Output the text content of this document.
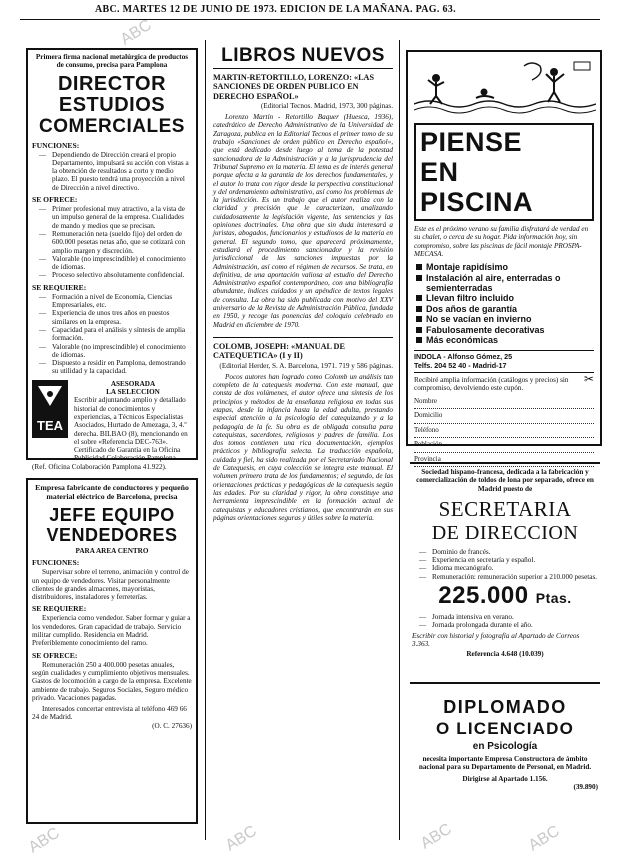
ABC. MARTES 12 DE JUNIO DE 1973. EDICION DE LA MAÑANA. PAG. 63.

Primera firma nacional metalúrgica de productos de consumo, precisa para Pamplona

DIRECTOR
ESTUDIOS
COMERCIALES
FUNCIONES:
— Dependiendo de Dirección creará el propio Departamento, impulsará su acción con vistas a la obtención de resultados a corto y medio plazo. El puesto tendrá una proyección a nivel de Dirección a nivel directivo.
SE OFRECE:
— Primer profesional muy atractivo, a la vista de un impulso general de la empresa. Cualidades de mando y medios que se precisan.
— Remuneración neta (sueldo fijo) del orden de 600.000 pesetas netas año, que se cotizará con amplio margen y discreción.
— Valorable (no imprescindible) el conocimiento de idiomas.
— Proceso selectivo absolutamente confidencial.
SE REQUIERE:
— Formación a nivel de Economía, Ciencias Empresariales, etc.
— Experiencia de unos tres años en puestos similares en la empresa.
— Capacidad para el análisis y síntesis de amplia formación.
— Valorable (no imprescindible) el conocimiento de idiomas.
— Dispuesto a residir en Pamplona, demostrando su utilidad y la capacidad.
TEA
ASESORADA
LA SELECCION

Escribir adjuntando amplio y detallado historial de conocimientos y experiencias, a Técnicos Especialistas Asociados, Hurtado de Amezaga, 3, 4.º derecha. BILBAO (8), mencionando en el sobre «Referencia DEC-763». Certificado de Garantía en la Oficina Publicidad Colaboración Pamplona.

(Ref. Oficina Colaboración Pamplona 41.922).

Empresa fabricante de conductores y pequeño material eléctrico de Barcelona, precisa

JEFE EQUIPO
VENDEDORES
PARA AREA CENTRO
FUNCIONES:

Supervisar sobre el terreno, animación y control de un equipo de vendedores. Visitar personalmente clientes de grandes almacenes, mayoristas, distribuidores, instaladores y ferreterías.

SE REQUIERE:

Experiencia como vendedor. Saber formar y guiar a los vendedores. Gran capacidad de trabajo. Servicio militar cumplido. Residencia en Madrid. Preferiblemente conocimiento del ramo.

SE OFRECE:

Remuneración 250 a 400.000 pesetas anuales, según cualidades y cumplimiento objetivos mensuales. Gastos de locomoción a cargo de la empresa. Excelente ambiente de trabajo. Seguros Sociales, Seguro médico privado. Vacaciones pagadas.

Interesados concertar entrevista al teléfono 469 66 24 de Madrid.

(O. C. 27636)

LIBROS NUEVOS

MARTIN-RETORTILLO, LORENZO: «LAS SANCIONES DE ORDEN PUBLICO EN DERECHO ESPAÑOL»

(Editorial Tecnos. Madrid, 1973, 300 páginas.

Lorenzo Martín - Retortillo Baquer (Huesca, 1936), catedrático de Derecho Administrativo de la Universidad de Zaragoza, publica en la Editorial Tecnos el primer tomo de su trabajo «Sanciones de orden público en Derecho español», que está dedicado desde luego al tema de la potestad sancionadora de la Administración y a la jurisprudencia del Tribunal Supremo en la materia. El tema es de interés general porque afecta a la garantía de los derechos fundamentales, y el autor lo trata con rigor desde la perspectiva constitucional y del ordenamiento administrativo, así como los problemas de la jurisdicción. Es un trabajo que el autor realiza con la claridad y precisión que le caracterizan, analizando cuidadosamente la legislación vigente, las sentencias y las opiniones doctrinales. Una obra que sin duda interesará a juristas, abogados, funcionarios y estudiosos de la materia en general. El segundo tomo, que aparecerá próximamente, estudiará el procedimiento sancionador y la revisión jurisdiccional de las sanciones impuestas por la Administración, así como el régimen de recursos. Se trata, en definitiva, de una aportación valiosa al estudio del Derecho Administrativo español contemporáneo, con una bibliografía abundante, índices cuidados y un apéndice de textos legales de consulta. La obra ha sido publicada con motivo del XXV aniversario de la Revista de Administración Pública, fundada en 1950, y recoge las ponencias del coloquio celebrado en Madrid en diciembre de 1970.

COLOMB, JOSEPH: «MANUAL DE CATEQUETICA» (I y II)

(Editorial Herder, S. A. Barcelona, 1971. 719 y 586 páginas.

Pocos autores han logrado como Colomb un análisis tan completo de la catequesis moderna. Con este manual, que consta de dos volúmenes, el autor ofrece una síntesis de los principios y métodos de la enseñanza religiosa en todas sus etapas, desde la infancia hasta la edad adulta, prestando especial atención a la psicología del catequizando y a la pedagogía de la fe. Su obra es de obligada consulta para catequistas, sacerdotes, religiosos y padres de familia. Los dos tomos contienen una rica documentación, ejemplos prácticos y bibliografía selecta. La traducción española, cuidada y fiel, ha sido realizada por el Secretariado Nacional de Catequesis, en cuya colección se integra este manual. El volumen primero trata de los fundamentos; el segundo, de las orientaciones prácticas y pedagógicas de la catequesis según las edades. Por su claridad y rigor, la obra constituye una herramienta imprescindible en la formación actual de catequistas y educadores cristianos, que encontrarán en sus páginas orientaciones seguras y útiles sobre la materia.

PIENSE
EN
PISCINA

Este es el próximo verano su familia disfrutará de verdad en su chalet, o cerca de su hogar. Pida información hoy, sin compromiso, sobre las piscinas de fácil montaje PROSPA-MECASA.

Montaje rapidísimo
Instalación al aire, enterradas o semienterradas
Llevan filtro incluido
Dos años de garantía
No se vacían en invierno
Fabulosamente decorativas
Más económicas
INDOLA - Alfonso Gómez, 25
Telfs. 204 52 40 - Madrid-17

Recibiré amplia información (catálogos y precios) sin compromiso, devolviendo este cupón.

✂
Nombre
Domicilio
Teléfono
Población
Provincia

Sociedad hispano-francesa, dedicada a la fabricación y comercialización de toldos de lona por separado, ofrece en Madrid puesto de

SECRETARIA
DE DIRECCION
— Dominio de francés.
— Experiencia en secretaría y español.
— Idioma mecanógrafo.
— Remuneración: remuneración superior a 210.000 pesetas.
225.000 Ptas.
— Jornada intensiva en verano.
— Jornada prolongada durante el año.

Escribir con historial y fotografía al Apartado de Correos 3.363.

Referencia 4.648 (10.039)

DIPLOMADO
O LICENCIADO
en Psicología

necesita importante Empresa Constructora de ámbito nacional para su Departamento de Personal, en Madrid.

Dirigirse al Apartado 1.156.

(39.890)

ABC	ABC	ABC	ABC
ABC
